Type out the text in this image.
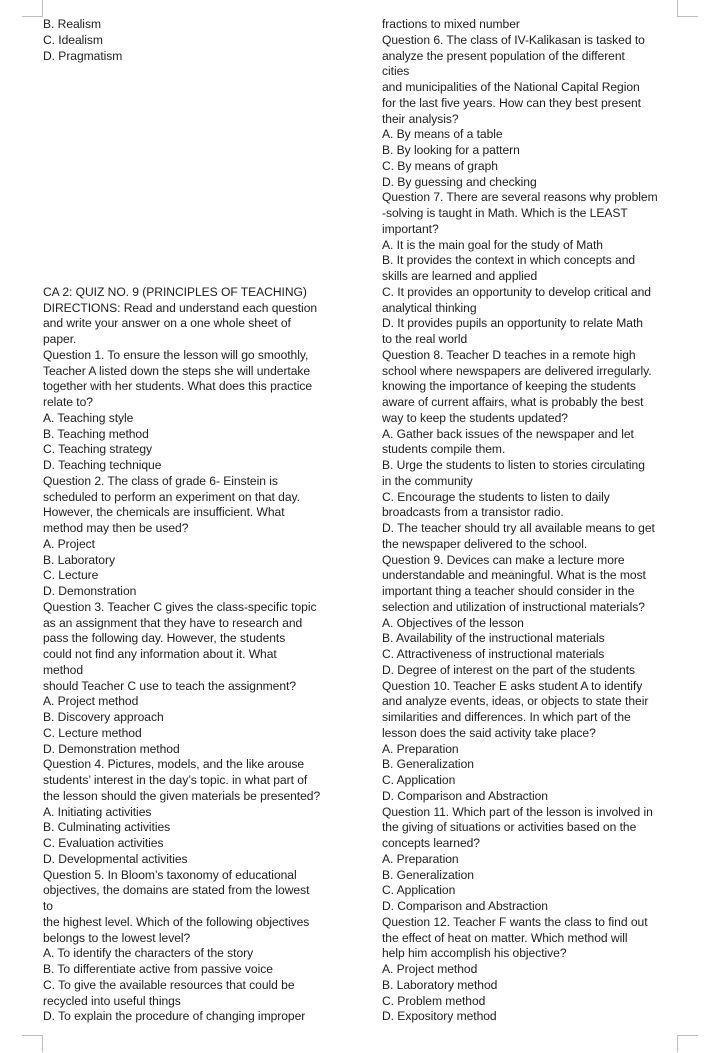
B. Realism
C. Idealism
D. Pragmatism
CA 2: QUIZ NO. 9 (PRINCIPLES OF TEACHING)
DIRECTIONS: Read and understand each question
and write your answer on a one whole sheet of
paper.
Question 1. To ensure the lesson will go smoothly,
Teacher A listed down the steps she will undertake
together with her students. What does this practice
relate to?
A. Teaching style
B. Teaching method
C. Teaching strategy
D. Teaching technique
Question 2. The class of grade 6- Einstein is
scheduled to perform an experiment on that day.
However, the chemicals are insufficient. What
method may then be used?
A. Project
B. Laboratory
C. Lecture
D. Demonstration
Question 3. Teacher C gives the class-specific topic
as an assignment that they have to research and
pass the following day. However, the students
could not find any information about it. What
method
should Teacher C use to teach the assignment?
A. Project method
B. Discovery approach
C. Lecture method
D. Demonstration method
Question 4. Pictures, models, and the like arouse
students’ interest in the day’s topic. in what part of
the lesson should the given materials be presented?
A. Initiating activities
B. Culminating activities
C. Evaluation activities
D. Developmental activities
Question 5. In Bloom’s taxonomy of educational
objectives, the domains are stated from the lowest
to
the highest level. Which of the following objectives
belongs to the lowest level?
A. To identify the characters of the story
B. To differentiate active from passive voice
C. To give the available resources that could be
recycled into useful things
D. To explain the procedure of changing improper
fractions to mixed number
Question 6. The class of IV-Kalikasan is tasked to
analyze the present population of the different
cities
and municipalities of the National Capital Region
for the last five years. How can they best present
their analysis?
A. By means of a table
B. By looking for a pattern
C. By means of graph
D. By guessing and checking
Question 7. There are several reasons why problem
-solving is taught in Math. Which is the LEAST
important?
A. It is the main goal for the study of Math
B. It provides the context in which concepts and
skills are learned and applied
C. It provides an opportunity to develop critical and
analytical thinking
D. It provides pupils an opportunity to relate Math
to the real world
Question 8. Teacher D teaches in a remote high
school where newspapers are delivered irregularly.
knowing the importance of keeping the students
aware of current affairs, what is probably the best
way to keep the students updated?
A. Gather back issues of the newspaper and let
students compile them.
B. Urge the students to listen to stories circulating
in the community
C. Encourage the students to listen to daily
broadcasts from a transistor radio.
D. The teacher should try all available means to get
the newspaper delivered to the school.
Question 9. Devices can make a lecture more
understandable and meaningful. What is the most
important thing a teacher should consider in the
selection and utilization of instructional materials?
A. Objectives of the lesson
B. Availability of the instructional materials
C. Attractiveness of instructional materials
D. Degree of interest on the part of the students
Question 10. Teacher E asks student A to identify
and analyze events, ideas, or objects to state their
similarities and differences. In which part of the
lesson does the said activity take place?
A. Preparation
B. Generalization
C. Application
D. Comparison and Abstraction
Question 11. Which part of the lesson is involved in
the giving of situations or activities based on the
concepts learned?
A. Preparation
B. Generalization
C. Application
D. Comparison and Abstraction
Question 12. Teacher F wants the class to find out
the effect of heat on matter. Which method will
help him accomplish his objective?
A. Project method
B. Laboratory method
C. Problem method
D. Expository method
